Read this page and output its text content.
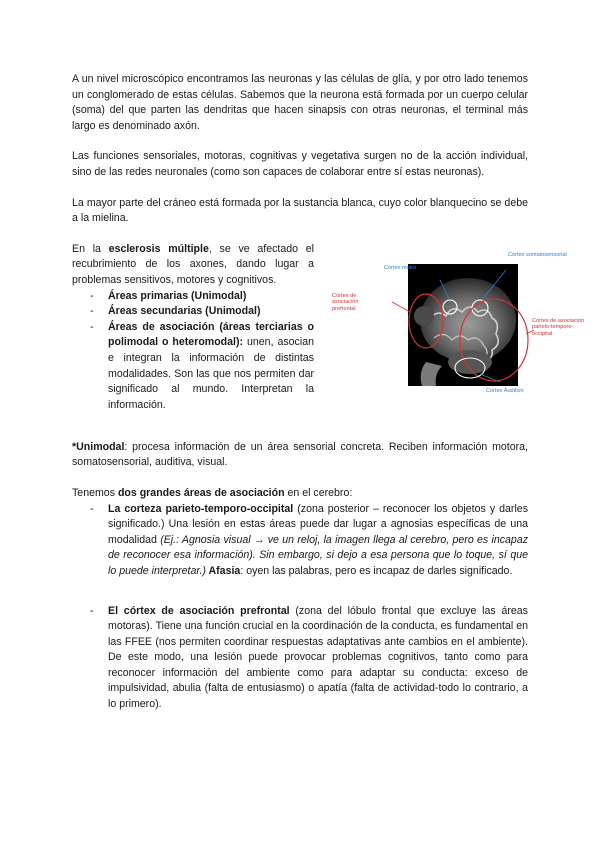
A un nivel microscópico encontramos las neuronas y las células de glía, y por otro lado tenemos un conglomerado de estas células. Sabemos que la neurona está formada por un cuerpo celular (soma) del que parten las dendritas que hacen sinapsis con otras neuronas, el terminal más largo es denominado axón.

Las funciones sensoriales, motoras, cognitivas y vegetativa surgen no de la acción individual, sino de las redes neuronales (como son capaces de colaborar entre sí estas neuronas).

La mayor parte del cráneo está formada por la sustancia blanca, cuyo color blanquecino se debe a la mielina.

En la esclerosis múltiple, se ve afectado el recubrimiento de los axones, dando lugar a problemas sensitivos, motores y cognitivos.
- Áreas primarias (Unimodal)
- Áreas secundarias (Unimodal)
- Áreas de asociación (áreas terciarias o polimodal o heteromodal): unen, asocian e integran la información de distintas modalidades. Son las que nos permiten dar significado al mundo. Interpretan la información.
Córtex motor
Córtex somatosensorial
Córtex de asociación prefrontal
Córtex de asociación parieto-temporo-occipital
Córtex Auditivo

*Unimodal: procesa información de un área sensorial concreta. Reciben información motora, somatosensorial, auditiva, visual.

Tenemos dos grandes áreas de asociación en el cerebro:
- La corteza parieto-temporo-occipital (zona posterior – reconocer los objetos y darles significado.) Una lesión en estas áreas puede dar lugar a agnosias específicas de una modalidad (Ej.: Agnosia visual → ve un reloj, la imagen llega al cerebro, pero es incapaz de reconocer esa información). Sin embargo, si dejo a esa persona que lo toque, sí que lo puede interpretar.) Afasia: oyen las palabras, pero es incapaz de darles significado.
- El córtex de asociación prefrontal (zona del lóbulo frontal que excluye las áreas motoras). Tiene una función crucial en la coordinación de la conducta, es fundamental en las FFEE (nos permiten coordinar respuestas adaptativas ante cambios en el ambiente). De este modo, una lesión puede provocar problemas cognitivos, tanto como para reconocer información del ambiente como para adaptar su conducta: exceso de impulsividad, abulia (falta de entusiasmo) o apatía (falta de actividad-todo lo contrario, a lo primero).
